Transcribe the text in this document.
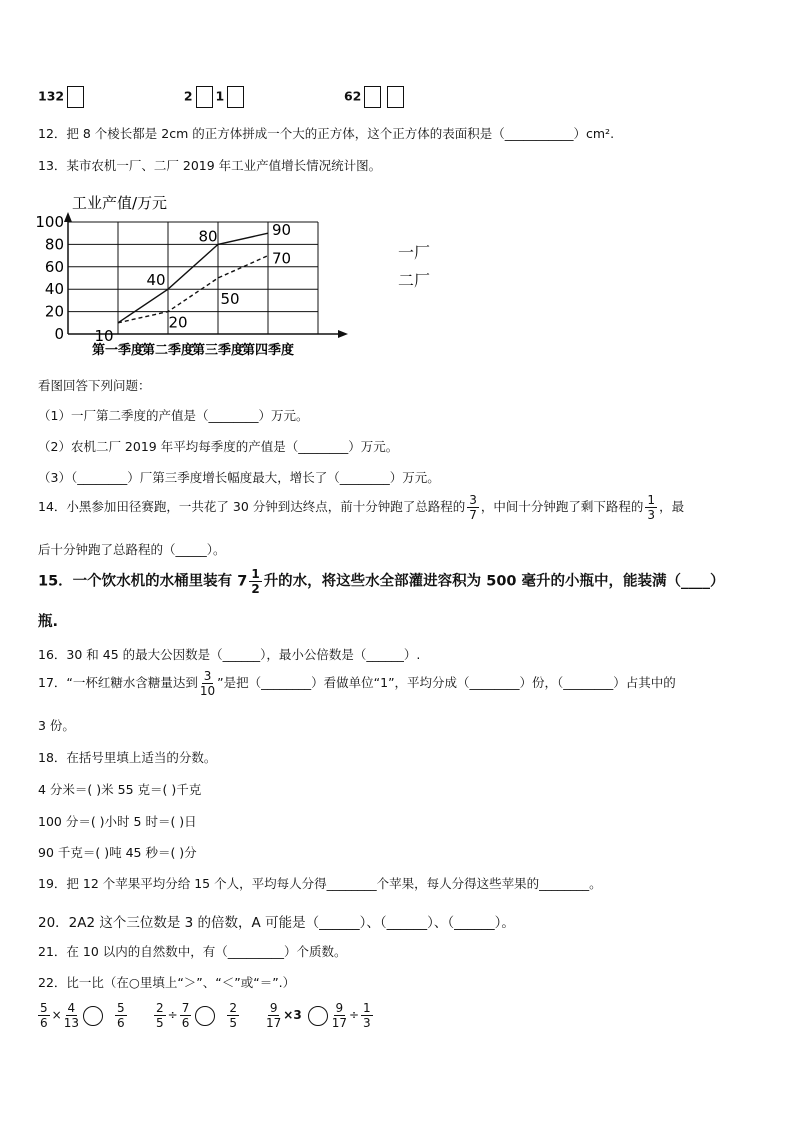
132	2 1	62
12．把 8 个棱长都是 2cm 的正方体拼成一个大的正方体，这个正方体的表面积是（___________）cm².
13．某市农机一厂、二厂 2019 年工业产值增长情况统计图。
工业产值/万元
0
20
40
60
80
100
第一季度
第二季度
第三季度
第四季度
10
40
80	90
20
50
70	一厂
二厂
看图回答下列问题：
（1）一厂第二季度的产值是（________）万元。
（2）农机二厂 2019 年平均每季度的产值是（________）万元。
（3）（________）厂第三季度增长幅度最大，增长了（________）万元。
14．小黑参加田径赛跑，一共花了 30 分钟到达终点，前十分钟跑了总路程的 $\frac{3}{7}$ ，中间十分钟跑了剩下路程的 $\frac{1}{3}$ ，最
后十分钟跑了总路程的（_____）。
15．一个饮水机的水桶里装有 $7 \frac{1}{2}$ 升的水，将这些水全部灌进容积为 500 毫升的小瓶中，能装满（____）
瓶.
16．30 和 45 的最大公因数是（______），最小公倍数是（______）.
17．“一杯红糖水含糖量达到 $\frac{3}{10}$ ”是把（________）看做单位“1”，平均分成（________）份，（________）占其中的
3 份。
18．在括号里填上适当的分数。
4 分米＝( )米 55 克＝( )千克
100 分＝( )小时 5 时＝( )日
90 千克＝( )吨 45 秒＝( )分
19．把 12 个苹果平均分给 15 个人，平均每人分得________个苹果，每人分得这些苹果的________。
20．2A2 这个三位数是 3 的倍数，A 可能是（______）、（______）、（______）。
21．在 10 以内的自然数中，有（_________）个质数。
22．比一比（在○里填上“＞”、“＜”或“＝”.）
$\frac{5}{6} \times \frac{4}{13}$	$\frac{5}{6} \frac{2}{5} \div \frac{7}{6}$	$\frac{2}{5} \frac{9}{17} \times 3$	$\frac{9}{17} \div \frac{1}{3}$
